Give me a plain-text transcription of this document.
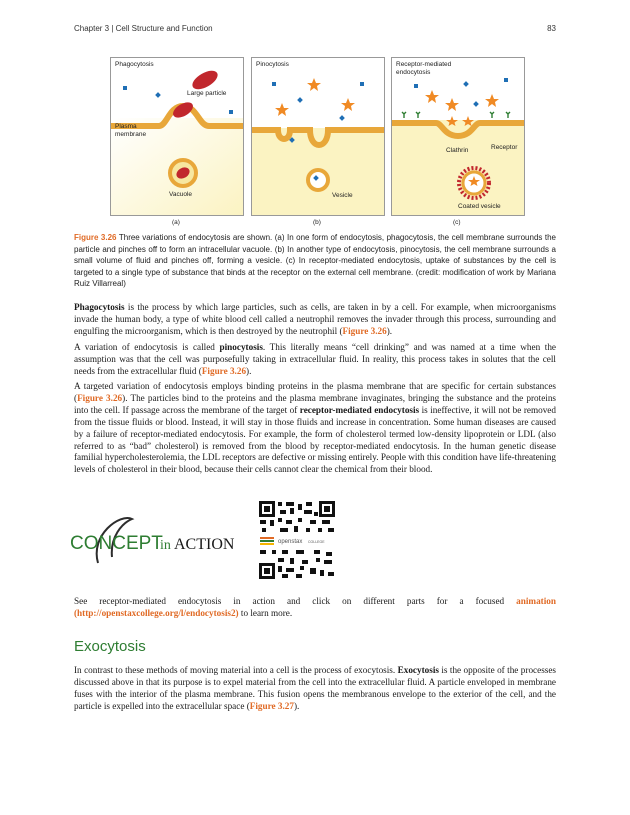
Chapter 3 | Cell Structure and Function	83
Phagocytosis
Large particle
Plasma
membrane
Vacuole
Pinocytosis
Vesicle
Receptor-mediated
endocytosis
Clathrin	Receptor
Coated vesicle
(a)	(b)	(c)
Figure 3.26 Three variations of endocytosis are shown. (a) In one form of endocytosis, phagocytosis, the cell membrane surrounds the particle and pinches off to form an intracellular vacuole. (b) In another type of endocytosis, pinocytosis, the cell membrane surrounds a small volume of fluid and pinches off, forming a vesicle. (c) In receptor-mediated endocytosis, uptake of substances by the cell is targeted to a single type of substance that binds at the receptor on the external cell membrane. (credit: modification of work by Mariana Ruiz Villarreal)
Phagocytosis is the process by which large particles, such as cells, are taken in by a cell. For example, when microorganisms invade the human body, a type of white blood cell called a neutrophil removes the invader through this process, surrounding and engulfing the microorganism, which is then destroyed by the neutrophil (Figure 3.26).
A variation of endocytosis is called pinocytosis. This literally means “cell drinking” and was named at a time when the assumption was that the cell was purposefully taking in extracellular fluid. In reality, this process takes in solutes that the cell needs from the extracellular fluid (Figure 3.26).
A targeted variation of endocytosis employs binding proteins in the plasma membrane that are specific for certain substances (Figure 3.26). The particles bind to the proteins and the plasma membrane invaginates, bringing the substance and the proteins into the cell. If passage across the membrane of the target of receptor-mediated endocytosis is ineffective, it will not be removed from the tissue fluids or blood. Instead, it will stay in those fluids and increase in concentration. Some human diseases are caused by a failure of receptor-mediated endocytosis. For example, the form of cholesterol termed low-density lipoprotein or LDL (also referred to as “bad” cholesterol) is removed from the blood by receptor-mediated endocytosis. In the human genetic disease familial hypercholesterolemia, the LDL receptors are defective or missing entirely. People with this condition have life-threatening levels of cholesterol in their blood, because their cells cannot clear the chemical from their blood.
CONCEPT
in ACTION	openstax COLLEGE
See receptor-mediated endocytosis in action and click on different parts for a focused animation (http://openstaxcollege.org/l/endocytosis2) to learn more.
Exocytosis
In contrast to these methods of moving material into a cell is the process of exocytosis. Exocytosis is the opposite of the processes discussed above in that its purpose is to expel material from the cell into the extracellular fluid. A particle enveloped in membrane fuses with the interior of the plasma membrane. This fusion opens the membranous envelope to the exterior of the cell, and the particle is expelled into the extracellular space (Figure 3.27).
